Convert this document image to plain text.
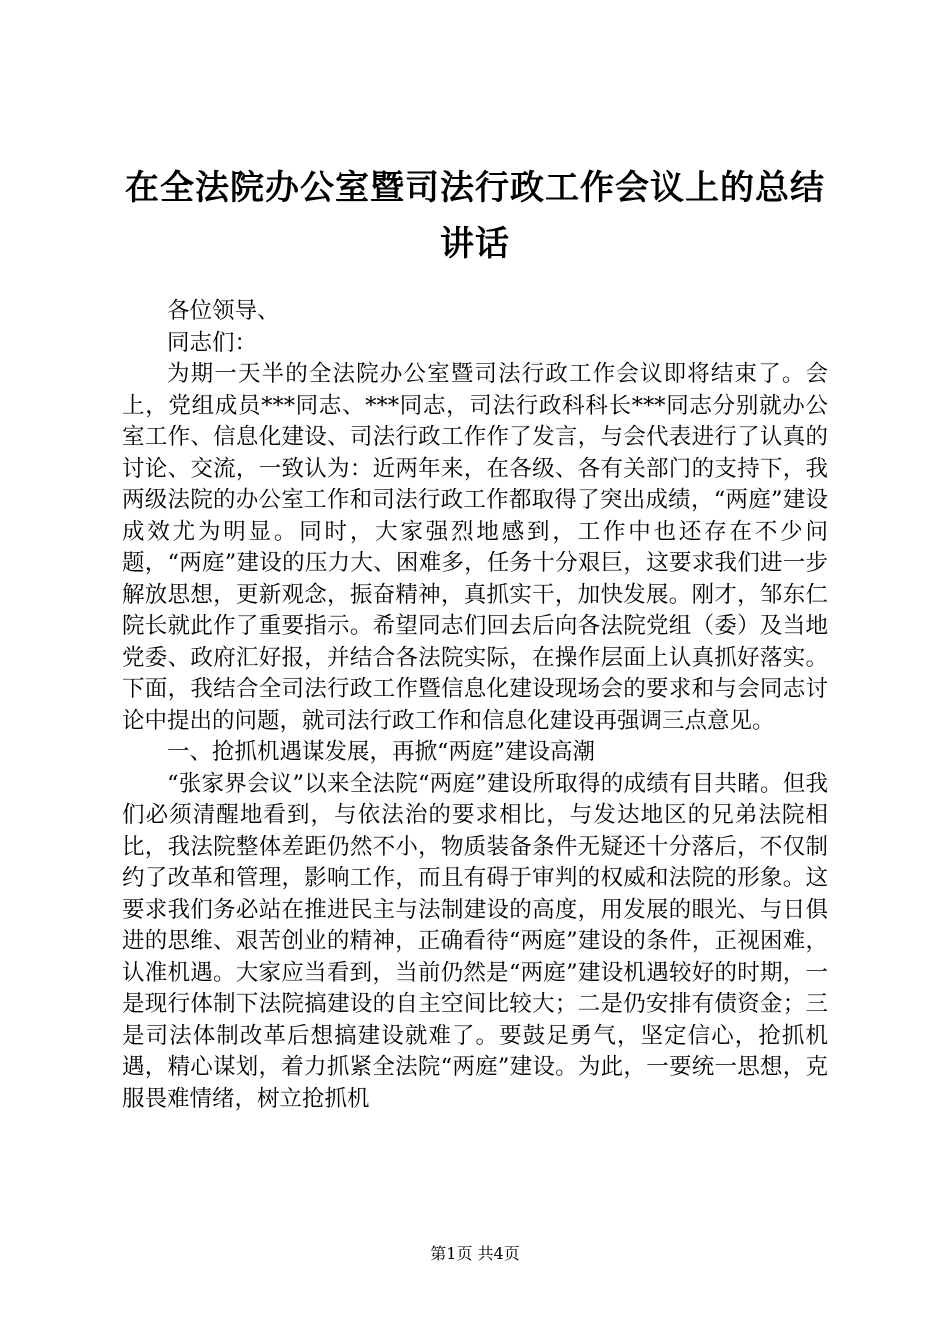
在全法院办公室暨司法行政工作会议上的总结讲话

各位领导、

同志们：

为期一天半的全法院办公室暨司法行政工作会议即将结束了。会上，党组成员***同志、***同志，司法行政科科长***同志分别就办公室工作、信息化建设、司法行政工作作了发言，与会代表进行了认真的讨论、交流，一致认为：近两年来，在各级、各有关部门的支持下，我两级法院的办公室工作和司法行政工作都取得了突出成绩，“两庭”建设成效尤为明显。同时，大家强烈地感到，工作中也还存在不少问题，“两庭”建设的压力大、困难多，任务十分艰巨，这要求我们进一步解放思想，更新观念，振奋精神，真抓实干，加快发展。刚才，邹东仁院长就此作了重要指示。希望同志们回去后向各法院党组（委）及当地党委、政府汇好报，并结合各法院实际，在操作层面上认真抓好落实。下面，我结合全司法行政工作暨信息化建设现场会的要求和与会同志讨论中提出的问题，就司法行政工作和信息化建设再强调三点意见。

一、抢抓机遇谋发展，再掀“两庭”建设高潮

“张家界会议”以来全法院“两庭”建设所取得的成绩有目共睹。但我们必须清醒地看到，与依法治的要求相比，与发达地区的兄弟法院相比，我法院整体差距仍然不小，物质装备条件无疑还十分落后，不仅制约了改革和管理，影响工作，而且有碍于审判的权威和法院的形象。这要求我们务必站在推进民主与法制建设的高度，用发展的眼光、与日俱进的思维、艰苦创业的精神，正确看待“两庭”建设的条件，正视困难，认准机遇。大家应当看到，当前仍然是“两庭”建设机遇较好的时期，一是现行体制下法院搞建设的自主空间比较大；二是仍安排有债资金；三是司法体制改革后想搞建设就难了。要鼓足勇气，坚定信心，抢抓机遇，精心谋划，着力抓紧全法院“两庭”建设。为此，一要统一思想，克服畏难情绪，树立抢抓机

第1页 共4页
